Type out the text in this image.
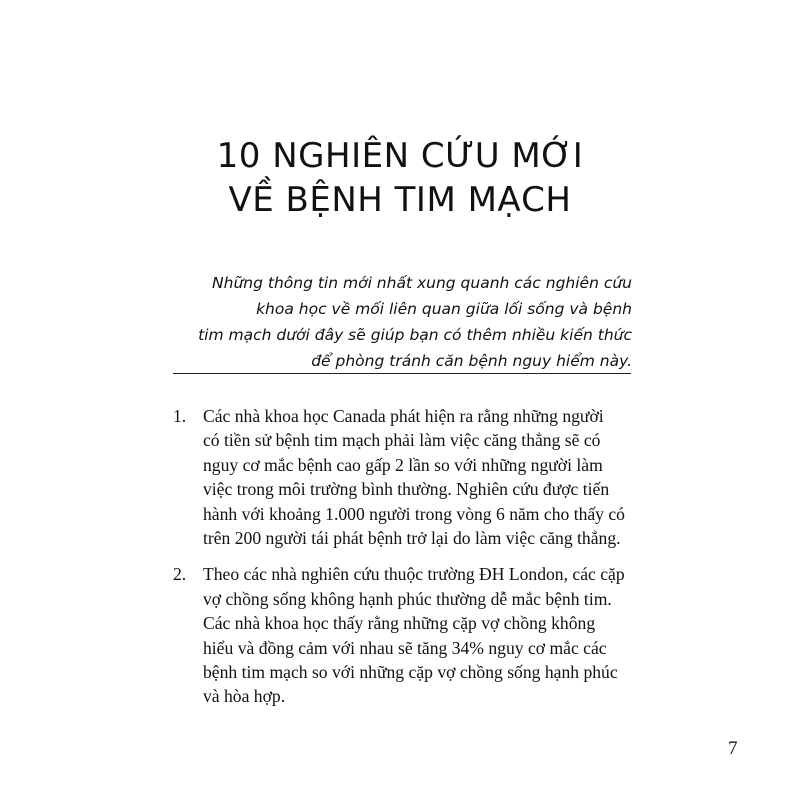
10 NGHIÊN CỨU MỚI
VỀ BỆNH TIM MẠCH
Những thông tin mới nhất xung quanh các nghiên cứu
khoa học về mối liên quan giữa lối sống và bệnh
tim mạch dưới đây sẽ giúp bạn có thêm nhiều kiến thức
để phòng tránh căn bệnh nguy hiểm này.
1. Các nhà khoa học Canada phát hiện ra rằng những người
có tiền sử bệnh tim mạch phải làm việc căng thẳng sẽ có
nguy cơ mắc bệnh cao gấp 2 lần so với những người làm
việc trong môi trường bình thường. Nghiên cứu được tiến
hành với khoảng 1.000 người trong vòng 6 năm cho thấy có
trên 200 người tái phát bệnh trở lại do làm việc căng thẳng.
2. Theo các nhà nghiên cứu thuộc trường ĐH London, các cặp
vợ chồng sống không hạnh phúc thường dễ mắc bệnh tim.
Các nhà khoa học thấy rằng những cặp vợ chồng không
hiểu và đồng cảm với nhau sẽ tăng 34% nguy cơ mắc các
bệnh tim mạch so với những cặp vợ chồng sống hạnh phúc
và hòa hợp.
7
